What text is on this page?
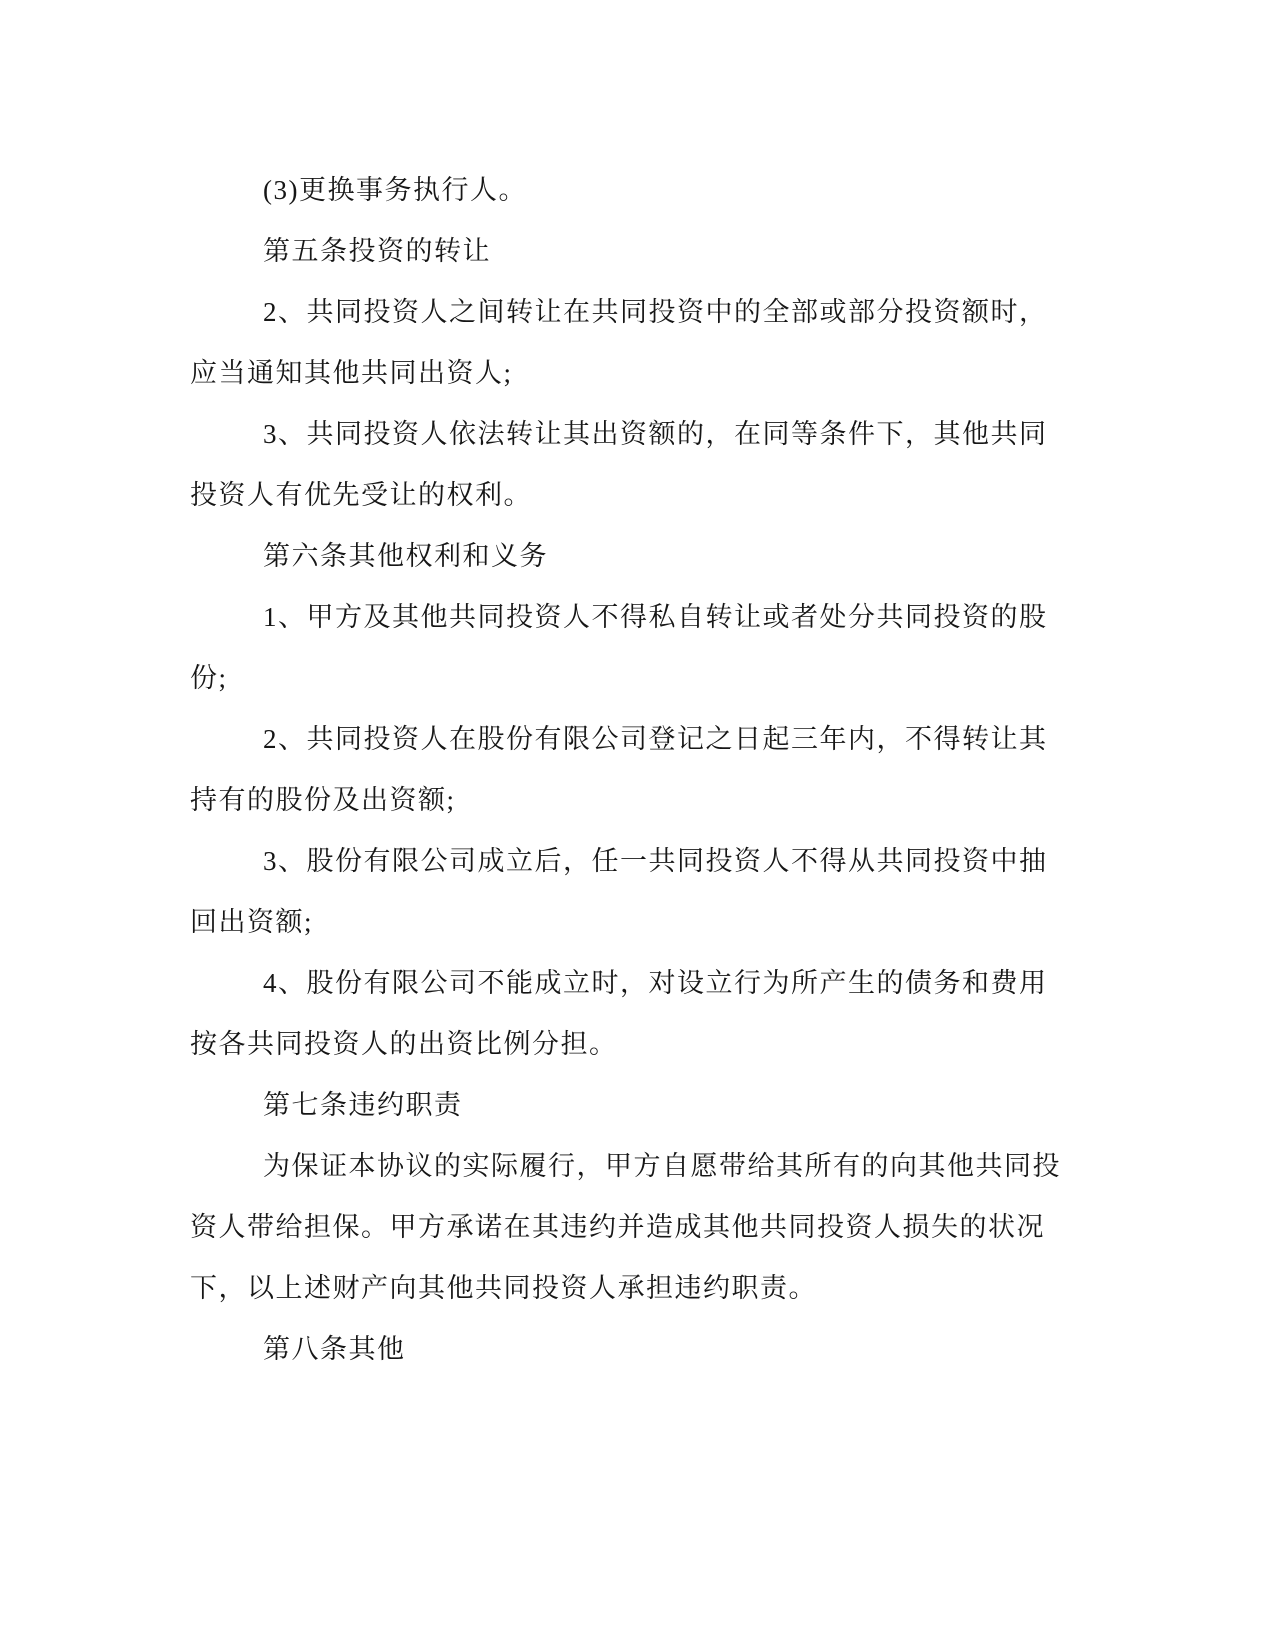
(3)更换事务执行人。
第五条投资的转让
2、共同投资人之间转让在共同投资中的全部或部分投资额时，
应当通知其他共同出资人;
3、共同投资人依法转让其出资额的，在同等条件下，其他共同
投资人有优先受让的权利。
第六条其他权利和义务
1、甲方及其他共同投资人不得私自转让或者处分共同投资的股
份;
2、共同投资人在股份有限公司登记之日起三年内，不得转让其
持有的股份及出资额;
3、股份有限公司成立后，任一共同投资人不得从共同投资中抽
回出资额;
4、股份有限公司不能成立时，对设立行为所产生的债务和费用
按各共同投资人的出资比例分担。
第七条违约职责
为保证本协议的实际履行，甲方自愿带给其所有的向其他共同投
资人带给担保。甲方承诺在其违约并造成其他共同投资人损失的状况
下，以上述财产向其他共同投资人承担违约职责。
第八条其他
